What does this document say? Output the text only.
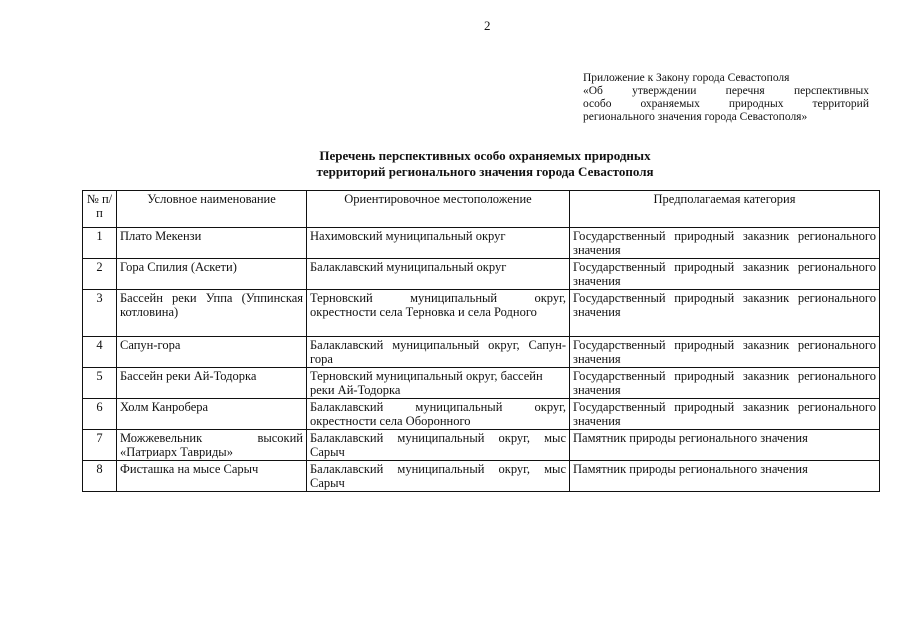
2
Приложение к Закону города Севастополя
«Об	утверждении	перечня	перспективных
особо	охраняемых	природных	территорий
регионального значения города Севастополя»
Перечень перспективных особо охраняемых природных
территорий регионального значения города Севастополя
№ п/п	Условное наименование	Ориентировочное местоположение	Предполагаемая категория
1	Плато Мекензи	Нахимовский муниципальный округ	Государственный природный заказник регионального значения
2	Гора Спилия (Аскети)	Балаклавский муниципальный округ	Государственный природный заказник регионального значения
3	Бассейн реки Уппа (Уппинская котловина)	Терновский муниципальный округ, окрестности села Терновка и села Родного	Государственный природный заказник регионального значения
4	Сапун-гора	Балаклавский муниципальный округ, Сапун-гора	Государственный природный заказник регионального значения
5	Бассейн реки Ай-Тодорка	Терновский муниципальный округ, бассейн реки Ай-Тодорка	Государственный природный заказник регионального значения
6	Холм Канробера	Балаклавский муниципальный округ, окрестности села Оборонного	Государственный природный заказник регионального значения
7	Можжевельник высокий «Патриарх Тавриды»	Балаклавский муниципальный округ, мыс Сарыч	Памятник природы регионального значения
8	Фисташка на мысе Сарыч	Балаклавский муниципальный округ, мыс Сарыч	Памятник природы регионального значения
